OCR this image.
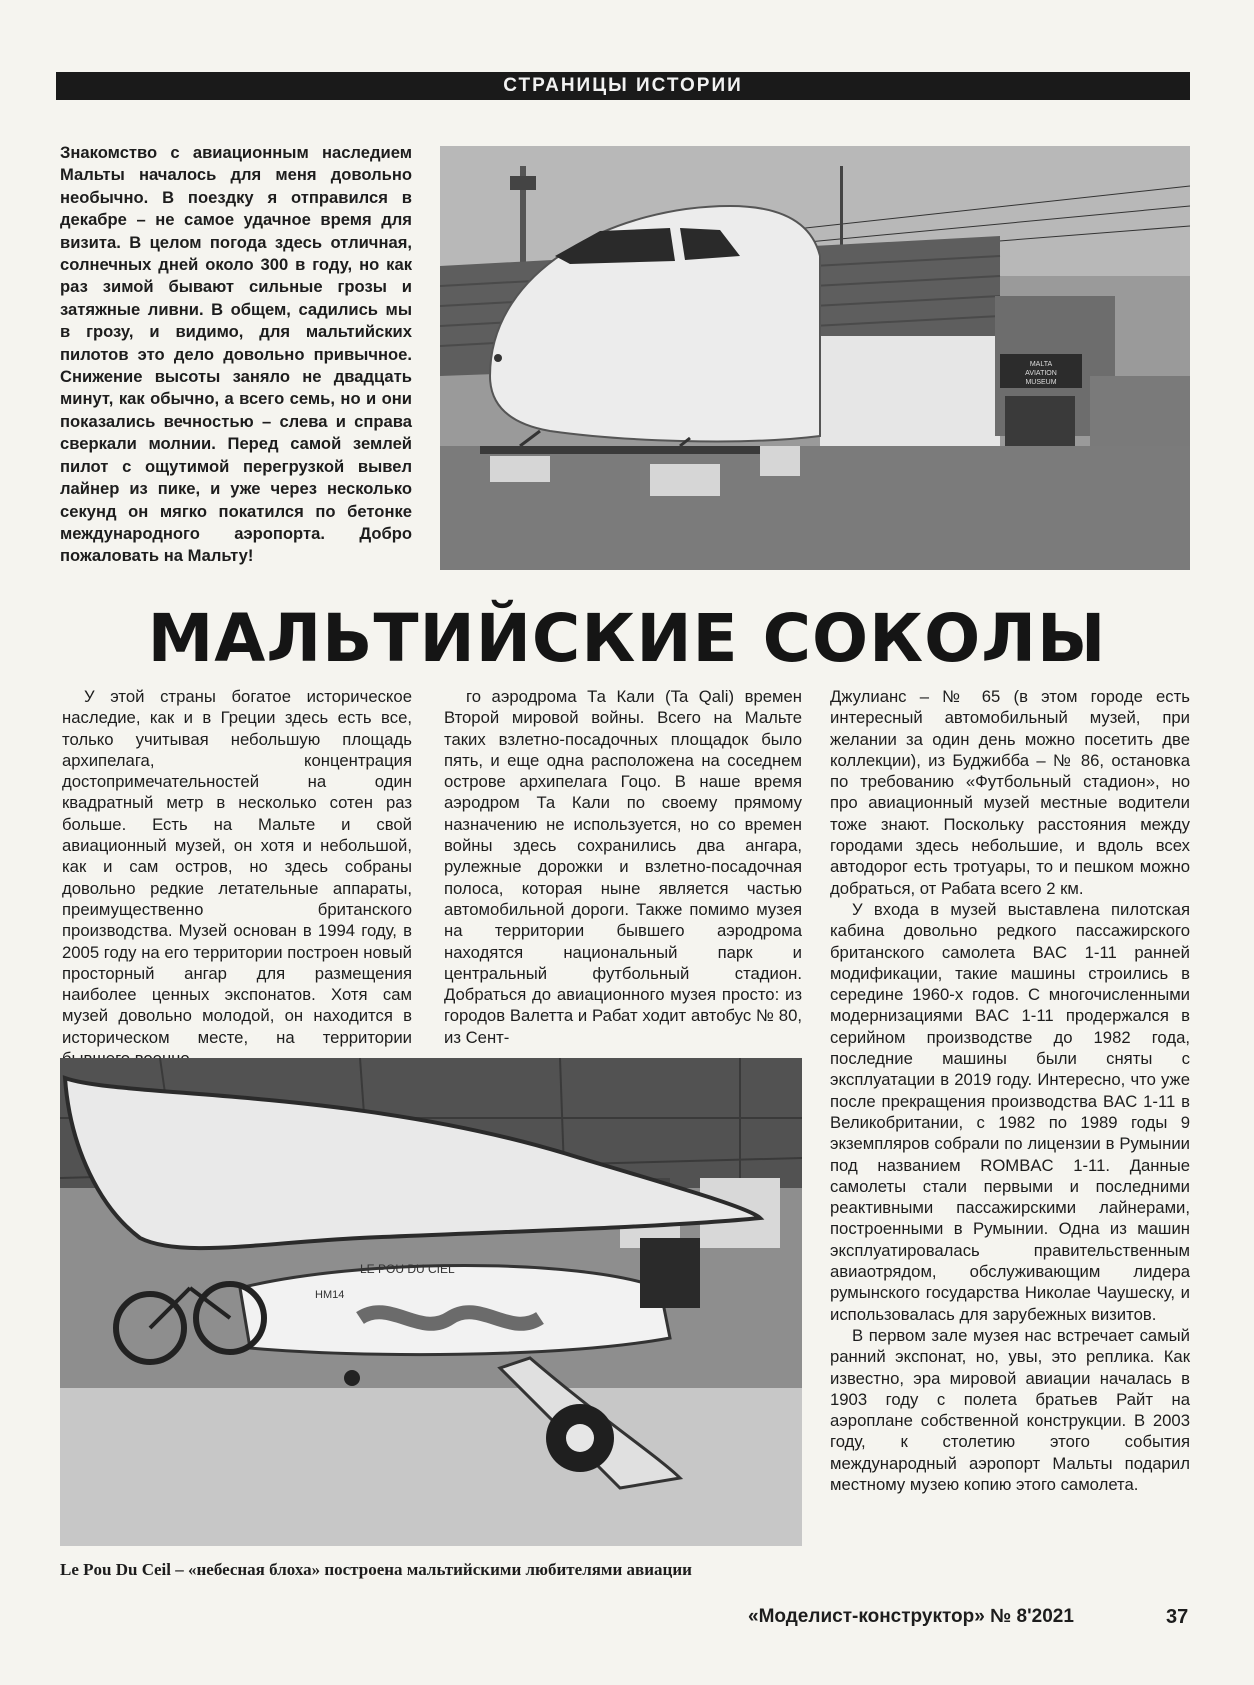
СТРАНИЦЫ ИСТОРИИ

Знакомство с авиационным наследием Мальты началось для меня довольно необычно. В поездку я отправился в декабре – не самое удачное время для визита. В целом погода здесь отличная, солнечных дней около 300 в году, но как раз зимой бывают сильные грозы и затяжные ливни. В общем, садились мы в грозу, и видимо, для мальтийских пилотов это дело довольно привычное. Снижение высоты заняло не двадцать минут, как обычно, а всего семь, но и они показались вечностью – слева и справа сверкали молнии. Перед самой землей пилот с ощутимой перегрузкой вывел лайнер из пике, и уже через несколько секунд он мягко покатился по бетонке международного аэропорта. Добро пожаловать на Мальту!

MALTA
AVIATION
MUSEUM
МАЛЬТИЙСКИЕ СОКОЛЫ

У этой страны богатое историческое наследие, как и в Греции здесь есть все, только учитывая небольшую площадь архипелага, концентрация достопримечательностей на один квадратный метр в несколько сотен раз больше. Есть на Мальте и свой авиационный музей, он хотя и небольшой, как и сам остров, но здесь собраны довольно редкие летательные аппараты, преимущественно британского производства. Музей основан в 1994 году, в 2005 году на его территории построен новый просторный ангар для размещения наиболее ценных экспонатов. Хотя сам музей довольно молодой, он находится в историческом месте, на территории

го аэродрома Та Кали (Ta Qali) времен Второй мировой войны. Всего на Мальте таких взлетно-посадочных площадок было пять, и еще одна расположена на соседнем острове архипелага Гоцо. В наше время аэродром Та Кали по своему прямому назначению не используется, но со времен войны здесь сохранились два ангара, рулежные дорожки и взлетно-посадочная полоса, которая ныне является частью автомобильной дороги. Также помимо музея на территории бывшего аэродрома находятся национальный парк и центральный футбольный стадион. Добраться до авиационного музея просто: из городов Валетта и Рабат ходит автобус № 80, из Сент-

Джулианс – № 65 (в этом городе есть интересный автомобильный музей, при желании за один день можно посетить две коллекции), из Буджибба – № 86, остановка по требованию «Футбольный стадион», но про авиационный музей местные водители тоже знают. Поскольку расстояния между городами здесь небольшие, и вдоль всех автодорог есть тротуары, то и пешком можно добраться, от Рабата всего 2 км.

У входа в музей выставлена пилотская кабина довольно редкого пассажирского британского самолета BAC 1-11 ранней модификации, такие машины строились в середине 1960-х годов. С многочисленными модернизациями BAC 1-11 продержался в серийном производстве до 1982 года, последние машины были сняты с эксплуатации в 2019 году. Интересно, что уже после прекращения производства BAC 1-11 в Великобритании, с 1982 по 1989 годы 9 экземпляров собрали по лицензии в Румынии под названием ROMBAC 1-11. Данные самолеты стали первыми и последними реактивными пассажирскими лайнерами, построенными в Румынии. Одна из машин эксплуатировалась правительственным авиаотрядом, обслуживающим лидера румынского государства Николае Чаушеску, и использовалась для зарубежных визитов.

В первом зале музея нас встречает самый ранний экспонат, но, увы, это реплика. Как известно, эра мировой авиации началась в 1903 году с полета братьев Райт на аэроплане собственной конструкции. В 2003 году, к столетию этого события международный аэропорт Мальты подарил местному музею копию этого самолета.

LE POU DU CIEL
HM14

Le Pou Du Ceil – «небесная блоха» построена мальтийскими любителями авиации

«Моделист-конструктор» № 8'2021	37
